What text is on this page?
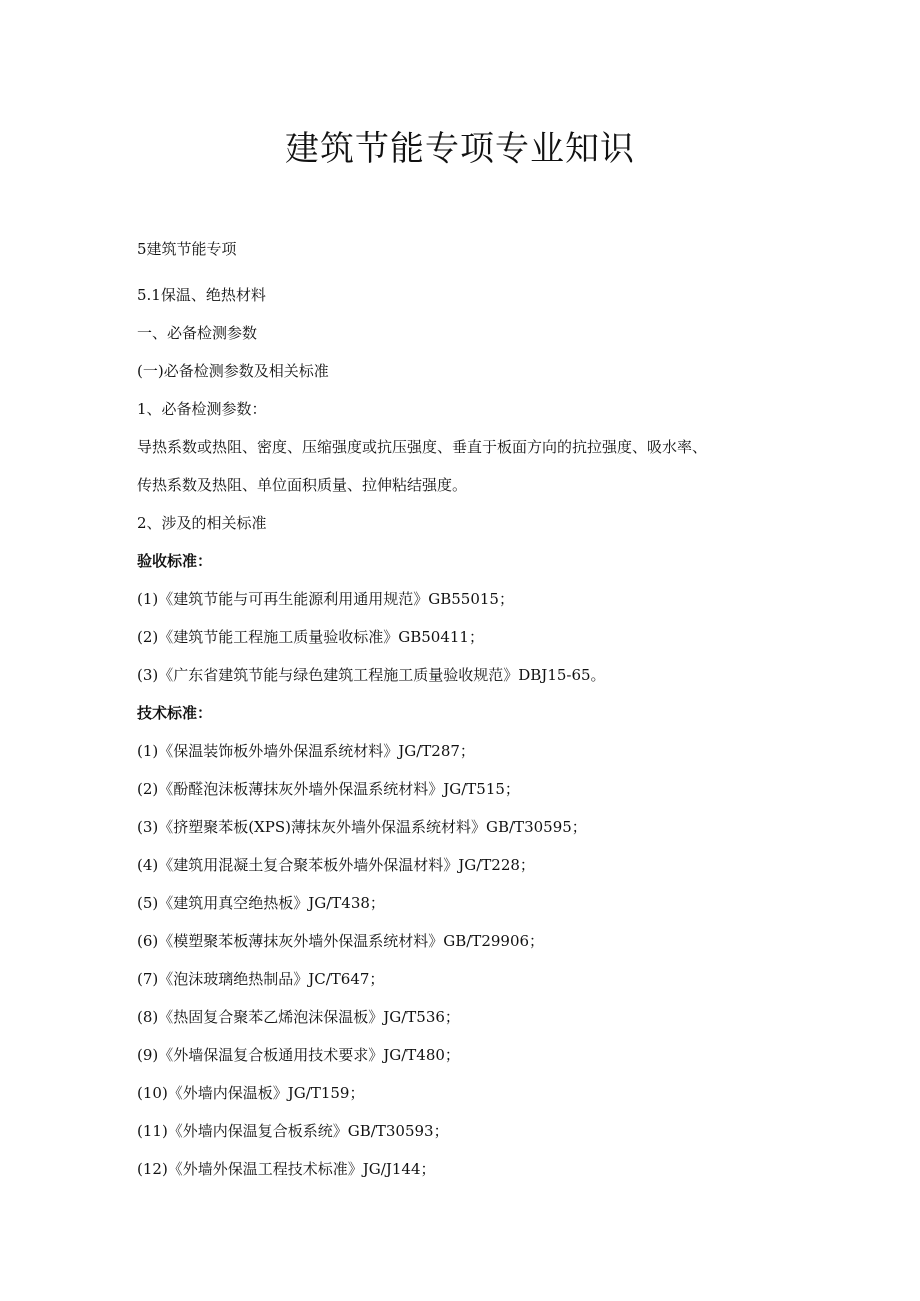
建筑节能专项专业知识

5建筑节能专项

5.1保温、绝热材料

一、必备检测参数

(一)必备检测参数及相关标准

1、必备检测参数：

导热系数或热阻、密度、压缩强度或抗压强度、垂直于板面方向的抗拉强度、吸水率、

传热系数及热阻、单位面积质量、拉伸粘结强度。

2、涉及的相关标准

验收标准：

(1)《建筑节能与可再生能源利用通用规范》GB55015；

(2)《建筑节能工程施工质量验收标准》GB50411；

(3)《广东省建筑节能与绿色建筑工程施工质量验收规范》DBJ15-65。

技术标准：

(1)《保温装饰板外墙外保温系统材料》JG/T287；

(2)《酚醛泡沫板薄抹灰外墙外保温系统材料》JG/T515；

(3)《挤塑聚苯板(XPS)薄抹灰外墙外保温系统材料》GB/T30595；

(4)《建筑用混凝土复合聚苯板外墙外保温材料》JG/T228；

(5)《建筑用真空绝热板》JG/T438；

(6)《模塑聚苯板薄抹灰外墙外保温系统材料》GB/T29906；

(7)《泡沫玻璃绝热制品》JC/T647；

(8)《热固复合聚苯乙烯泡沫保温板》JG/T536；

(9)《外墙保温复合板通用技术要求》JG/T480；

(10)《外墙内保温板》JG/T159；

(11)《外墙内保温复合板系统》GB/T30593；

(12)《外墙外保温工程技术标准》JG/J144；
